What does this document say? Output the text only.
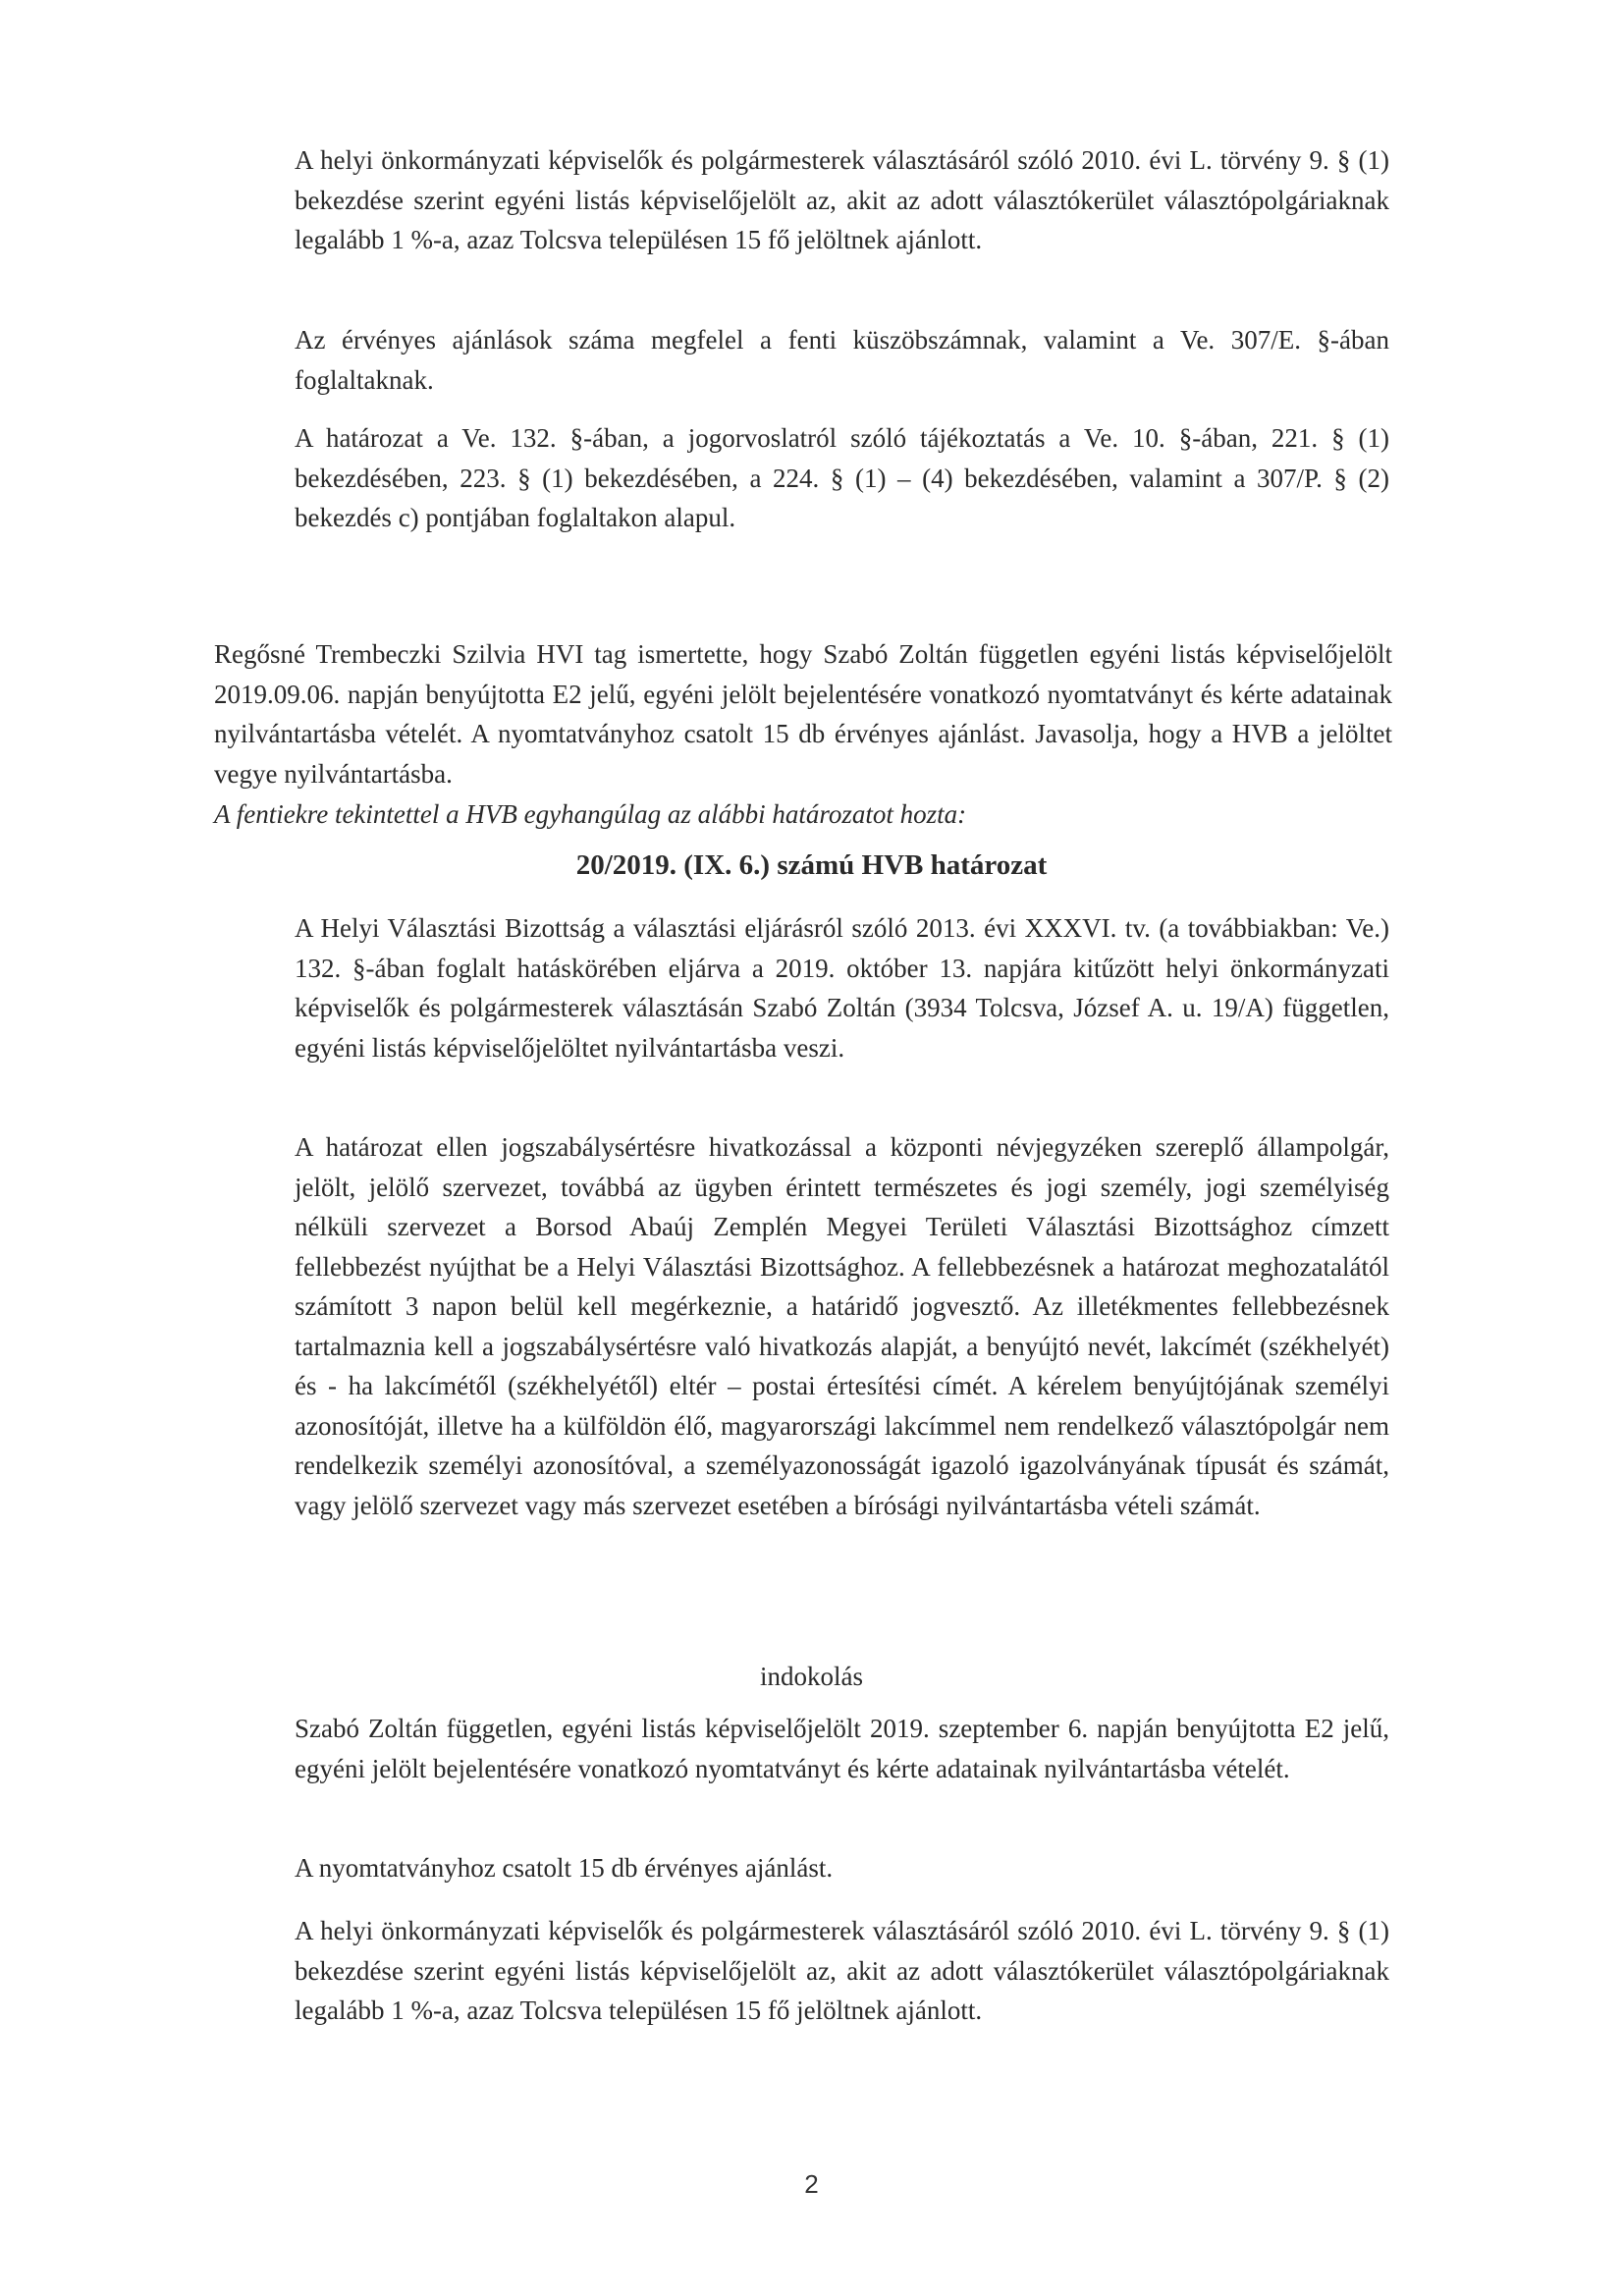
A helyi önkormányzati képviselők és polgármesterek választásáról szóló 2010. évi L. törvény 9. § (1) bekezdése szerint egyéni listás képviselőjelölt az, akit az adott választókerület választópolgáriaknak legalább 1 %-a, azaz Tolcsva településen 15 fő jelöltnek ajánlott.

Az érvényes ajánlások száma megfelel a fenti küszöbszámnak, valamint a Ve. 307/E. §-ában foglaltaknak.

A határozat a Ve. 132. §-ában, a jogorvoslatról szóló tájékoztatás a Ve. 10. §-ában, 221. § (1) bekezdésében, 223. § (1) bekezdésében, a 224. § (1) – (4) bekezdésében, valamint a 307/P. § (2) bekezdés c) pontjában foglaltakon alapul.

Regősné Trembeczki Szilvia HVI tag ismertette, hogy Szabó Zoltán független egyéni listás képviselőjelölt 2019.09.06. napján benyújtotta E2 jelű, egyéni jelölt bejelentésére vonatkozó nyomtatványt és kérte adatainak nyilvántartásba vételét. A nyomtatványhoz csatolt 15 db érvényes ajánlást. Javasolja, hogy a HVB a jelöltet vegye nyilvántartásba.

A fentiekre tekintettel a HVB egyhangúlag az alábbi határozatot hozta:

20/2019. (IX. 6.) számú HVB határozat

A Helyi Választási Bizottság a választási eljárásról szóló 2013. évi XXXVI. tv. (a továbbiakban: Ve.) 132. §-ában foglalt hatáskörében eljárva a 2019. október 13. napjára kitűzött helyi önkormányzati képviselők és polgármesterek választásán Szabó Zoltán (3934 Tolcsva, József A. u. 19/A) független, egyéni listás képviselőjelöltet nyilvántartásba veszi.

A határozat ellen jogszabálysértésre hivatkozással a központi névjegyzéken szereplő állampolgár, jelölt, jelölő szervezet, továbbá az ügyben érintett természetes és jogi személy, jogi személyiség nélküli szervezet a Borsod Abaúj Zemplén Megyei Területi Választási Bizottsághoz címzett fellebbezést nyújthat be a Helyi Választási Bizottsághoz. A fellebbezésnek a határozat meghozatalától számított 3 napon belül kell megérkeznie, a határidő jogvesztő. Az illetékmentes fellebbezésnek tartalmaznia kell a jogszabálysértésre való hivatkozás alapját, a benyújtó nevét, lakcímét (székhelyét) és - ha lakcímétől (székhelyétől) eltér – postai értesítési címét. A kérelem benyújtójának személyi azonosítóját, illetve ha a külföldön élő, magyarországi lakcímmel nem rendelkező választópolgár nem rendelkezik személyi azonosítóval, a személyazonosságát igazoló igazolványának típusát és számát, vagy jelölő szervezet vagy más szervezet esetében a bírósági nyilvántartásba vételi számát.

indokolás

Szabó Zoltán független, egyéni listás képviselőjelölt 2019. szeptember 6. napján benyújtotta E2 jelű, egyéni jelölt bejelentésére vonatkozó nyomtatványt és kérte adatainak nyilvántartásba vételét.

A nyomtatványhoz csatolt 15 db érvényes ajánlást.

A helyi önkormányzati képviselők és polgármesterek választásáról szóló 2010. évi L. törvény 9. § (1) bekezdése szerint egyéni listás képviselőjelölt az, akit az adott választókerület választópolgáriaknak legalább 1 %-a, azaz Tolcsva településen 15 fő jelöltnek ajánlott.

2
